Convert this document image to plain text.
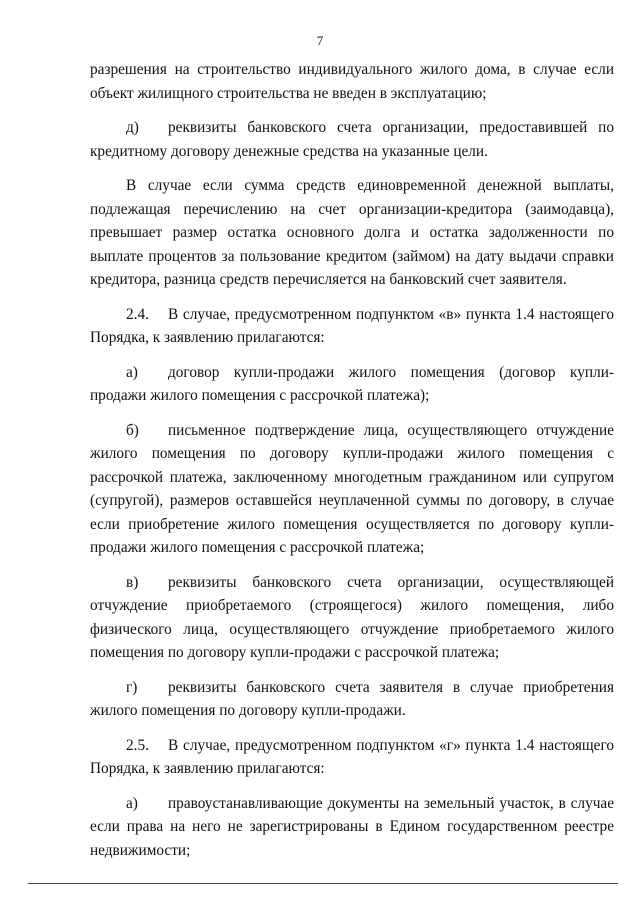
7

разрешения на строительство индивидуального жилого дома, в случае если объект жилищного строительства не введен в эксплуатацию;

д) реквизиты банковского счета организации, предоставившей по кредитному договору денежные средства на указанные цели.

В случае если сумма средств единовременной денежной выплаты, подлежащая перечислению на счет организации-кредитора (заимодавца), превышает размер остатка основного долга и остатка задолженности по выплате процентов за пользование кредитом (займом) на дату выдачи справки кредитора, разница средств перечисляется на банковский счет заявителя.

2.4. В случае, предусмотренном подпунктом «в» пункта 1.4 настоящего Порядка, к заявлению прилагаются:

а) договор купли-продажи жилого помещения (договор купли-продажи жилого помещения с рассрочкой платежа);

б) письменное подтверждение лица, осуществляющего отчуждение жилого помещения по договору купли-продажи жилого помещения с рассрочкой платежа, заключенному многодетным гражданином или супругом (супругой), размеров оставшейся неуплаченной суммы по договору, в случае если приобретение жилого помещения осуществляется по договору купли-продажи жилого помещения с рассрочкой платежа;

в) реквизиты банковского счета организации, осуществляющей отчуждение приобретаемого (строящегося) жилого помещения, либо физического лица, осуществляющего отчуждение приобретаемого жилого помещения по договору купли-продажи с рассрочкой платежа;

г) реквизиты банковского счета заявителя в случае приобретения жилого помещения по договору купли-продажи.

2.5. В случае, предусмотренном подпунктом «г» пункта 1.4 настоящего Порядка, к заявлению прилагаются:

а) правоустанавливающие документы на земельный участок, в случае если права на него не зарегистрированы в Едином государственном реестре недвижимости;
